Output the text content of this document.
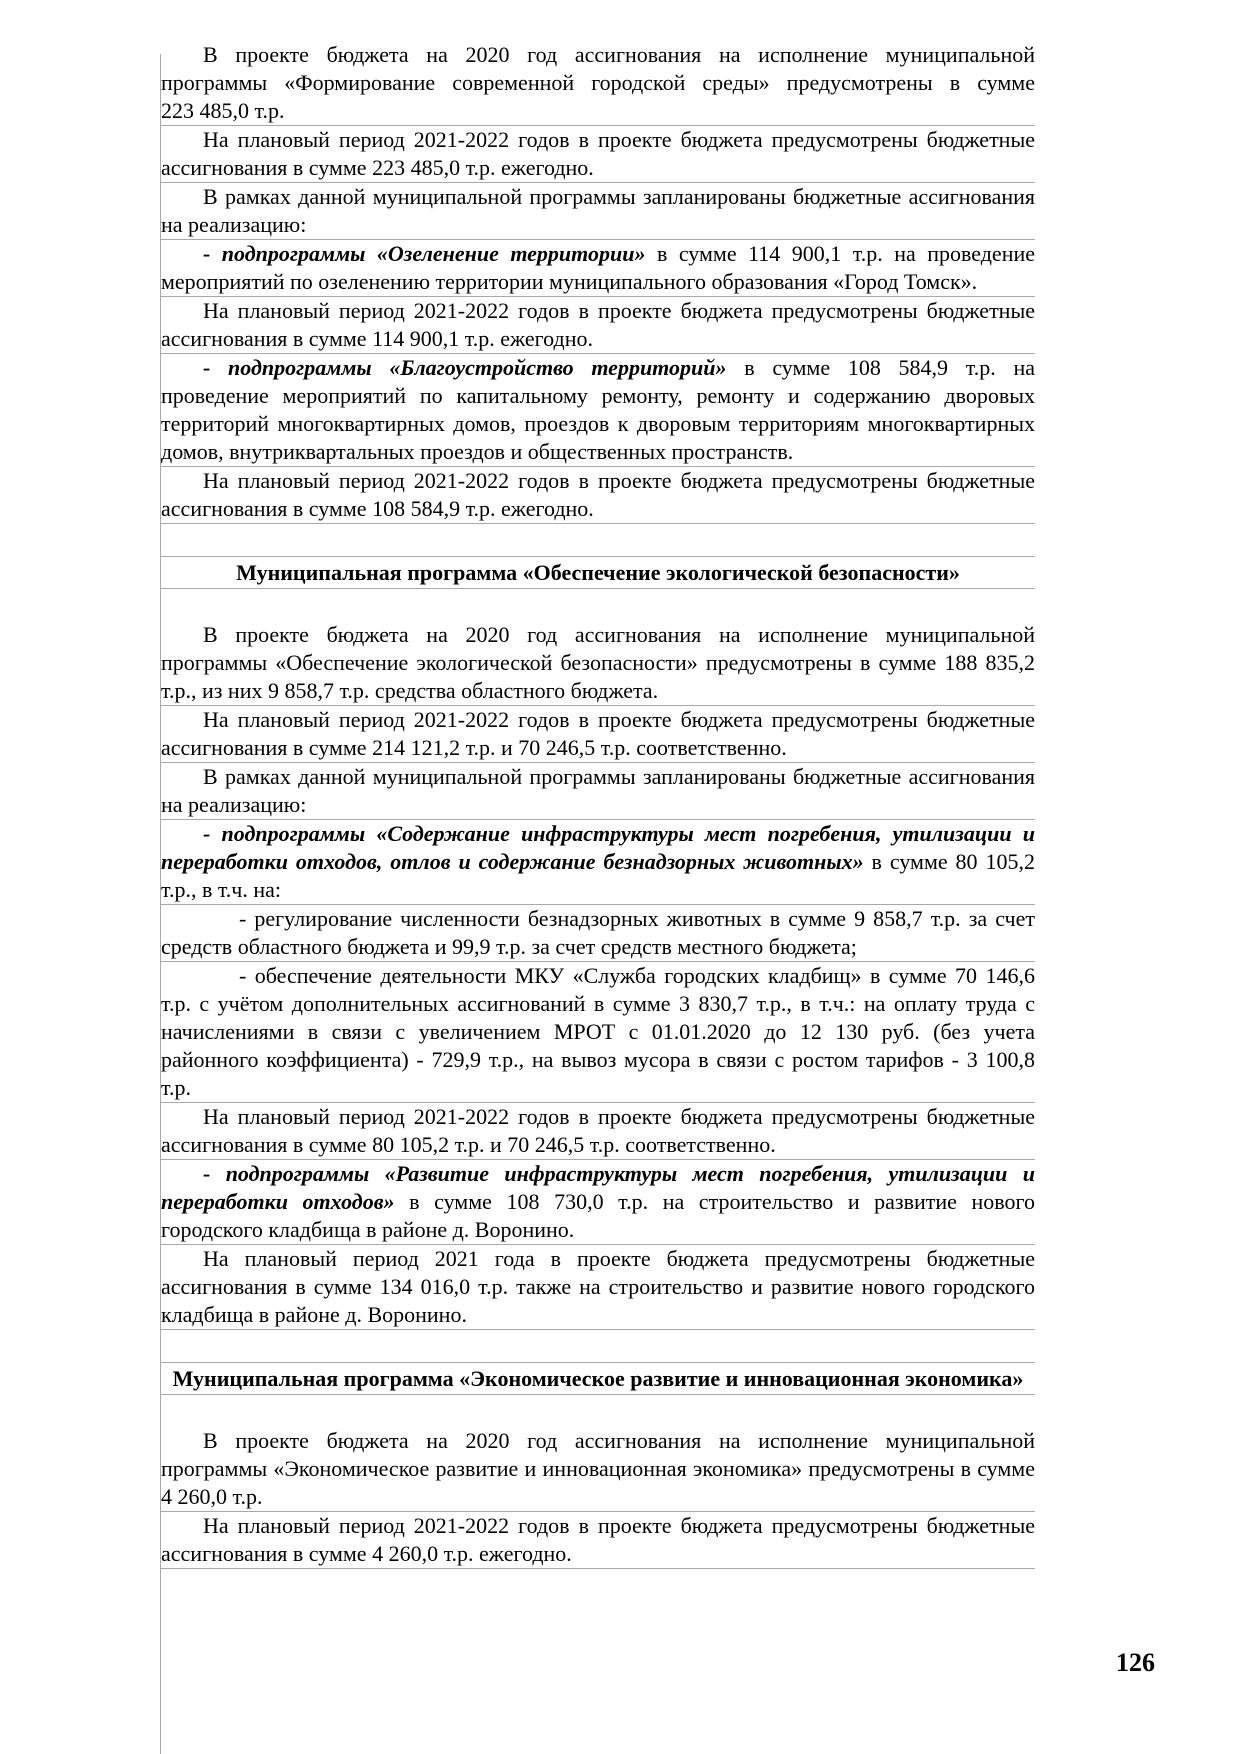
В проекте бюджета на 2020 год ассигнования на исполнение муниципальной программы «Формирование современной городской среды» предусмотрены в сумме 223 485,0 т.р.

На плановый период 2021-2022 годов в проекте бюджета предусмотрены бюджетные ассигнования в сумме 223 485,0 т.р. ежегодно.

В рамках данной муниципальной программы запланированы бюджетные ассигнования на реализацию:

- подпрограммы «Озеленение территории» в сумме 114 900,1 т.р. на проведение мероприятий по озеленению территории муниципального образования «Город Томск».

На плановый период 2021-2022 годов в проекте бюджета предусмотрены бюджетные ассигнования в сумме 114 900,1 т.р. ежегодно.

- подпрограммы «Благоустройство территорий» в сумме 108 584,9 т.р. на проведение мероприятий по капитальному ремонту, ремонту и содержанию дворовых территорий многоквартирных домов, проездов к дворовым территориям многоквартирных домов, внутриквартальных проездов и общественных пространств.

На плановый период 2021-2022 годов в проекте бюджета предусмотрены бюджетные ассигнования в сумме 108 584,9 т.р. ежегодно.

Муниципальная программа «Обеспечение экологической безопасности»

В проекте бюджета на 2020 год ассигнования на исполнение муниципальной программы «Обеспечение экологической безопасности» предусмотрены в сумме 188 835,2 т.р., из них 9 858,7 т.р. средства областного бюджета.

На плановый период 2021-2022 годов в проекте бюджета предусмотрены бюджетные ассигнования в сумме 214 121,2 т.р. и 70 246,5 т.р. соответственно.

В рамках данной муниципальной программы запланированы бюджетные ассигнования на реализацию:

- подпрограммы «Содержание инфраструктуры мест погребения, утилизации и переработки отходов, отлов и содержание безнадзорных животных» в сумме 80 105,2 т.р., в т.ч. на:

- регулирование численности безнадзорных животных в сумме 9 858,7 т.р. за счет средств областного бюджета и 99,9 т.р. за счет средств местного бюджета;

- обеспечение деятельности МКУ «Служба городских кладбищ» в сумме 70 146,6 т.р. с учётом дополнительных ассигнований в сумме 3 830,7 т.р., в т.ч.: на оплату труда с начислениями в связи с увеличением МРОТ с 01.01.2020 до 12 130 руб. (без учета районного коэффициента) - 729,9 т.р., на вывоз мусора в связи с ростом тарифов - 3 100,8 т.р.

На плановый период 2021-2022 годов в проекте бюджета предусмотрены бюджетные ассигнования в сумме 80 105,2 т.р. и 70 246,5 т.р. соответственно.

- подпрограммы «Развитие инфраструктуры мест погребения, утилизации и переработки отходов» в сумме 108 730,0 т.р. на строительство и развитие нового городского кладбища в районе д. Воронино.

На плановый период 2021 года в проекте бюджета предусмотрены бюджетные ассигнования в сумме 134 016,0 т.р. также на строительство и развитие нового городского кладбища в районе д. Воронино.

Муниципальная программа «Экономическое развитие и инновационная экономика»

В проекте бюджета на 2020 год ассигнования на исполнение муниципальной программы «Экономическое развитие и инновационная экономика» предусмотрены в сумме 4 260,0 т.р.

На плановый период 2021-2022 годов в проекте бюджета предусмотрены бюджетные ассигнования в сумме 4 260,0 т.р. ежегодно.

126
